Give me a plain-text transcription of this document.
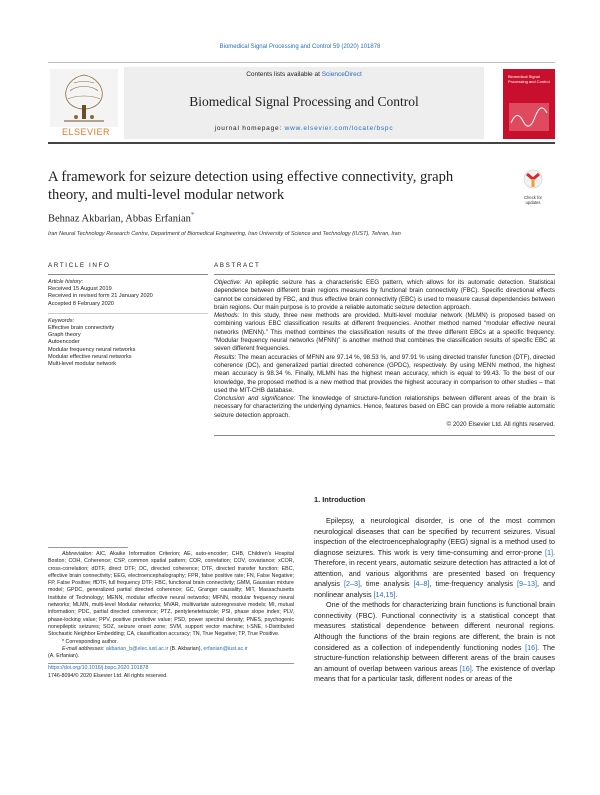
Biomedical Signal Processing and Control 59 (2020) 101878
ELSEVIER
Contents lists available at ScienceDirect
Biomedical Signal Processing and Control
journal homepage: www.elsevier.com/locate/bspc
Biomedical Signal Processing and Control
A framework for seizure detection using effective connectivity, graph
theory, and multi-level modular network	Check for
updates
Behnaz Akbarian, Abbas Erfanian*
Iran Neural Technology Research Centre, Department of Biomedical Engineering, Iran University of Science and Technology (IUST), Tehran, Iran
ARTICLE INFO
Article history:
Received 15 August 2019
Received in revised form 21 January 2020
Accepted 8 February 2020
Keywords:
Effective brain connectivity
Graph theory
Autoencoder
Modular frequency neural networks
Modular effective neural networks
Multi-level modular network
ABSTRACT
Objective: An epileptic seizure has a characteristic EEG pattern, which allows for its automatic detection. Statistical dependence between different brain regions measures by functional brain connectivity (FBC). Specific directional effects cannot be considered by FBC, and thus effective brain connectivity (EBC) is used to measure causal dependencies between brain regions. Our main purpose is to provide a reliable automatic seizure detection approach.
Methods: In this study, three new methods are provided. Multi-level modular network (MLMN) is proposed based on combining various EBC classification results at different frequencies. Another method named “modular effective neural networks (MENN).” This method combines the classification results of the three different EBCs at a specific frequency. “Modular frequency neural networks (MFNN)” is another method that combines the classification results of specific EBC at seven different frequencies.
Results: The mean accuracies of MFNN are 97.14 %, 98.53 %, and 97.91 % using directed transfer function (DTF), directed coherence (DC), and generalized partial directed coherence (GPDC), respectively. By using MENN method, the highest mean accuracy is 98.34 %. Finally, MLMN has the highest mean accuracy, which is equal to 99.43. To the best of our knowledge, the proposed method is a new method that provides the highest accuracy in comparison to other studies – that used the MIT-CHB database.
Conclusion and significance: The knowledge of structure-function relationships between different areas of the brain is necessary for characterizing the underlying dynamics. Hence, features based on EBC can provide a more reliable automatic seizure detection approach.
© 2020 Elsevier Ltd. All rights reserved.
Abbreviation: AIC, Akaike Information Criterion; AE, auto-encoder; CHB, Children’s Hospital Boston; COH, Coherence; CSP, common spatial pattern; COR, correlation; COV, covariance; xCOR, cross-correlation; dDTF, direct DTF; DC, directed coherence; DTF, directed transfer function; EBC, effective brain connectivity; EEG, electroencephalography; FPR, false positive rate; FN, False Negative; FP, False Positive; ffDTF, full frequency DTF; FBC, functional brain connectivity; GMM, Gaussian mixture model; GPDC, generalized partial directed coherence; GC, Granger causality; MIT, Massachusetts Institute of Technology; MENN, modular effective neural networks; MFNN, modular frequency neural networks; MLMN, multi-level Modular networks; MVAR, multivariate autoregressive models; MI, mutual information; PDC, partial directed coherence; PTZ, pentylenetetrazole; PSI, phase slope index; PLV, phase-locking value; PPV, positive predictive value; PSD, power spectral density; PNES, psychogenic nonepileptic seizures; SOZ, seizure onset zone; SVM, support vector machine; t-SNE, t-Distributed Stochastic Neighbor Embedding; CA, classification accuracy; TN, True Negative; TP, True Positive.
* Corresponding author.
E-mail addresses: akbarian_b@elec.iust.ac.ir (B. Akbarian), erfanian@iust.ac.ir
(A. Erfanian).
https://doi.org/10.1016/j.bspc.2020.101878
1746-8094/© 2020 Elsevier Ltd. All rights reserved.
1. Introduction

Epilepsy, a neurological disorder, is one of the most common neurological diseases that can be specified by recurrent seizures. Visual inspection of the electroencephalography (EEG) signal is a method used to diagnose seizures. This work is very time-consuming and error-prone [1]. Therefore, in recent years, automatic seizure detection has attracted a lot of attention, and various algorithms are presented based on frequency analysis [2–3], time analysis [4–8], time-frequency analysis [9–13], and nonlinear analysis [14,15].

One of the methods for characterizing brain functions is functional brain connectivity (FBC). Functional connectivity is a statistical concept that measures statistical dependence between different neuronal regions. Although the functions of the brain regions are different, the brain is not considered as a collection of independently functioning nodes [16]. The structure-function relationship between different areas of the brain causes an amount of overlap between various areas [16]. The existence of overlap means that for a particular task, different nodes or areas of the
